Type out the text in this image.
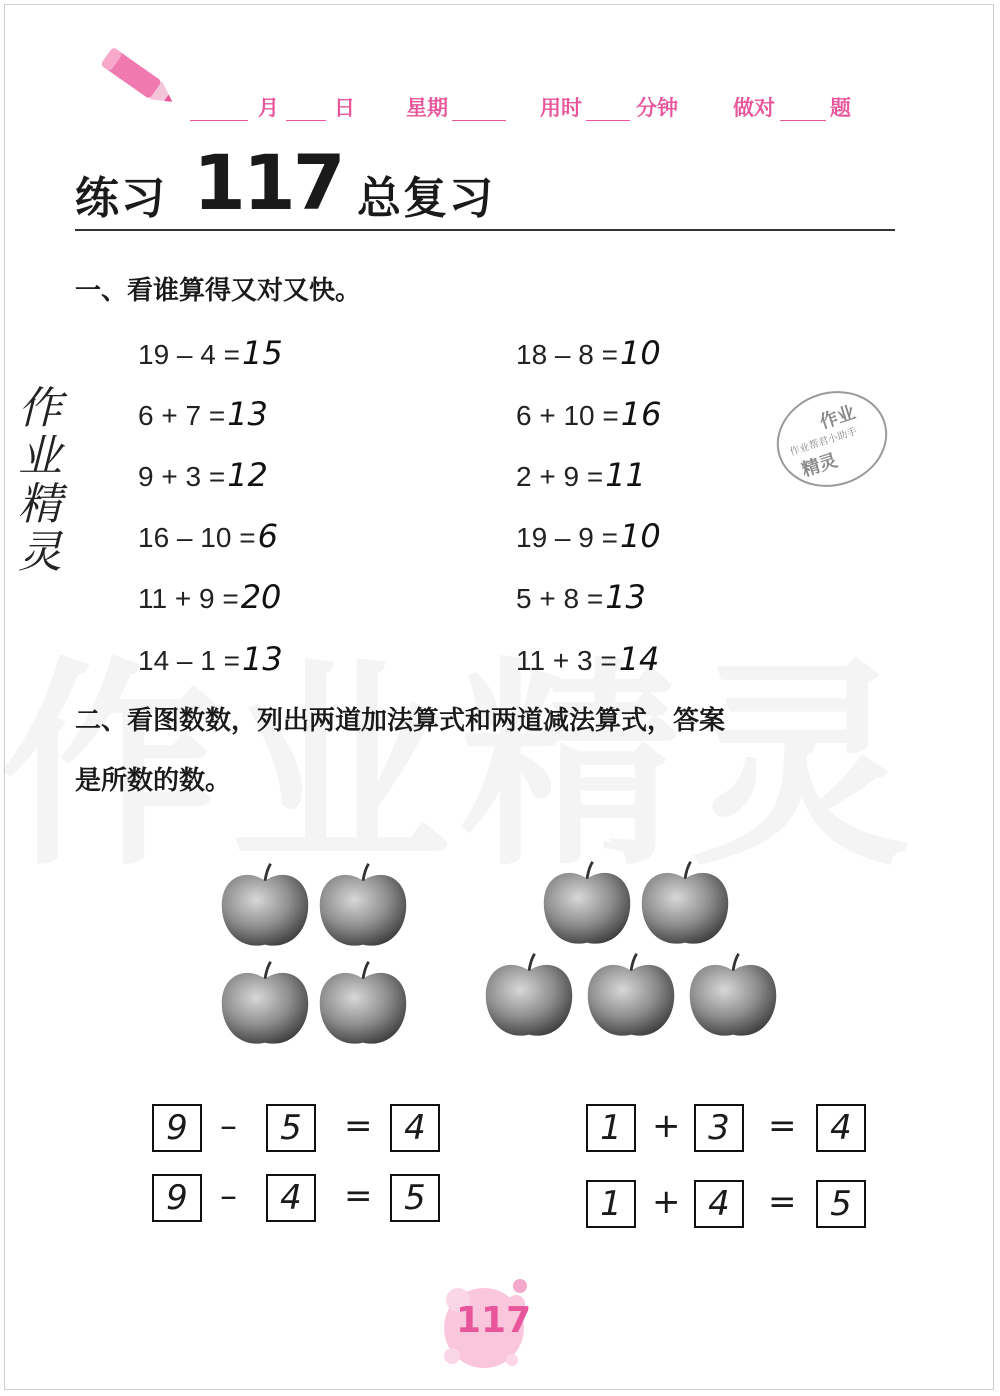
月	日 星期	用时	分钟	做对	题
练习 117 总复习
一、看谁算得又对又快。
19 – 4 =15
6 + 7 =13
9 + 3 =12
16 – 10 =6
11 + 9 =20
14 – 1 =13
18 – 8 =10
6 + 10 =16
2 + 9 =11
19 – 9 =10
5 + 8 =13
11 + 3 =14
作
业
精
灵
作业
作业帮君小助手
精灵
二、看图数数，列出两道加法算式和两道减法算式，答案
是所数的数。
9 –	5	= 4
9 –	4	= 5
1 + 3	= 4
1 + 4	= 5
117
